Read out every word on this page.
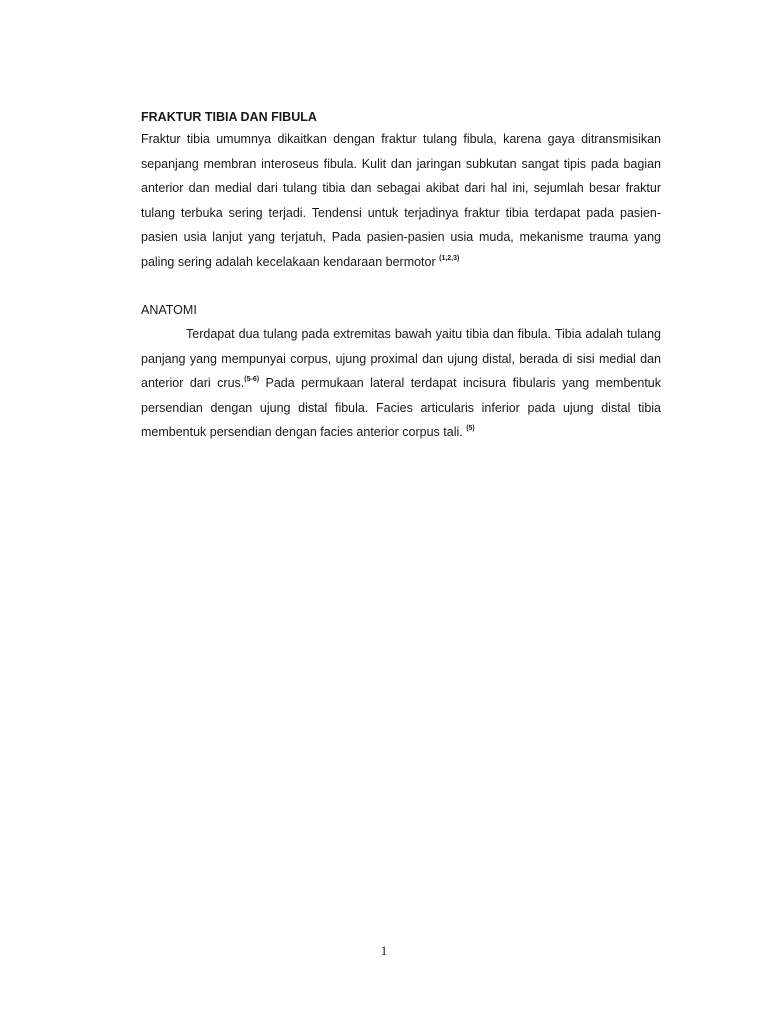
FRAKTUR TIBIA DAN FIBULA

Fraktur tibia umumnya dikaitkan dengan fraktur tulang fibula, karena gaya ditransmisikan sepanjang membran interoseus fibula. Kulit dan jaringan subkutan sangat tipis pada bagian anterior dan medial dari tulang tibia dan sebagai akibat dari hal ini, sejumlah besar fraktur tulang terbuka sering terjadi. Tendensi untuk terjadinya fraktur tibia terdapat pada pasien-pasien usia lanjut yang terjatuh, Pada pasien-pasien usia muda, mekanisme trauma yang paling sering adalah kecelakaan kendaraan bermotor $^{(1,2,3)}$

ANATOMI

Terdapat dua tulang pada extremitas bawah yaitu tibia dan fibula. Tibia adalah tulang panjang yang mempunyai corpus, ujung proximal dan ujung distal, berada di sisi medial dan anterior dari crus.$^{(5-6)}$ Pada permukaan lateral terdapat incisura fibularis yang membentuk persendian dengan ujung distal fibula. Facies articularis inferior pada ujung distal tibia membentuk persendian dengan facies anterior corpus tali. $^{(5)}$

1
